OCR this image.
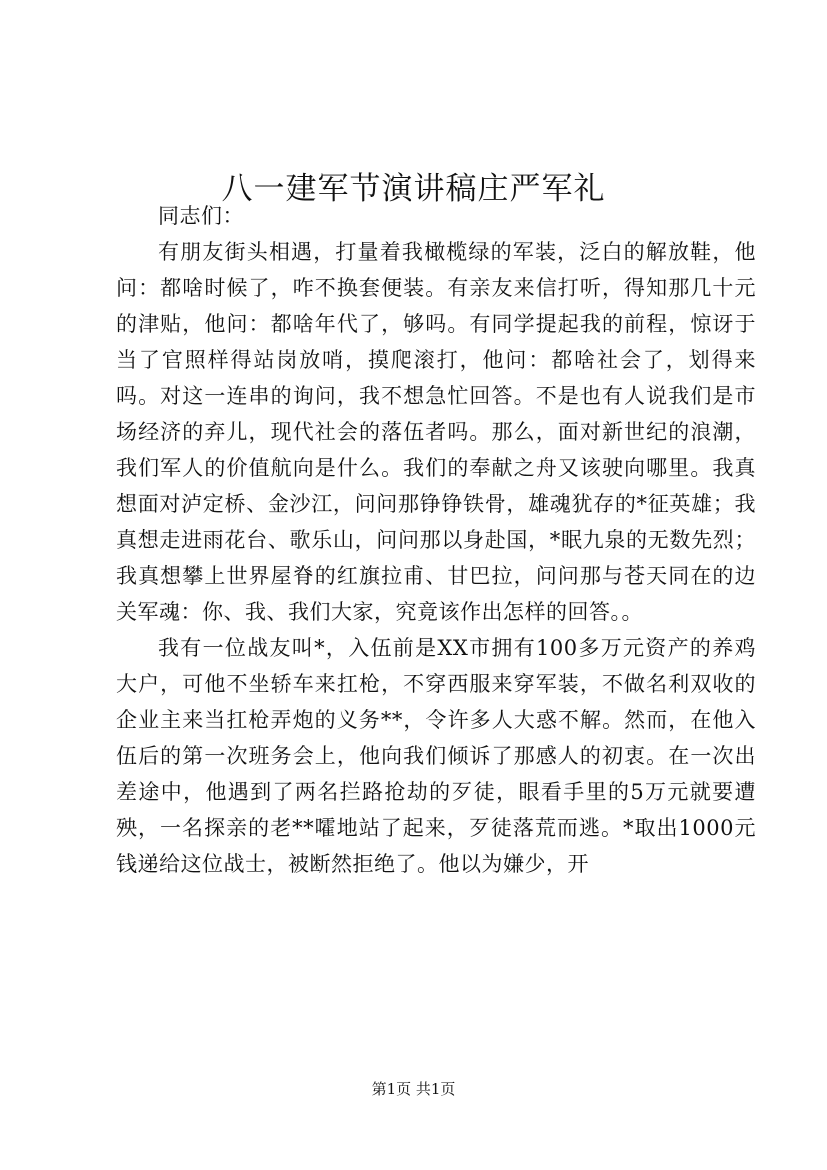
八一建军节演讲稿庄严军礼

同志们：

有朋友街头相遇，打量着我橄榄绿的军装，泛白的解放鞋，他问：都啥时候了，咋不换套便装。有亲友来信打听，得知那几十元的津贴，他问：都啥年代了，够吗。有同学提起我的前程，惊讶于当了官照样得站岗放哨，摸爬滚打，他问：都啥社会了，划得来吗。对这一连串的询问，我不想急忙回答。不是也有人说我们是市场经济的弃儿，现代社会的落伍者吗。那么，面对新世纪的浪潮，我们军人的价值航向是什么。我们的奉献之舟又该驶向哪里。我真想面对泸定桥、金沙江，问问那铮铮铁骨，雄魂犹存的*征英雄；我真想走进雨花台、歌乐山，问问那以身赴国，*眠九泉的无数先烈；我真想攀上世界屋脊的红旗拉甫、甘巴拉，问问那与苍天同在的边关军魂：你、我、我们大家，究竟该作出怎样的回答。。

我有一位战友叫*，入伍前是XX市拥有100多万元资产的养鸡大户，可他不坐轿车来扛枪，不穿西服来穿军装，不做名利双收的企业主来当扛枪弄炮的义务**，令许多人大惑不解。然而，在他入伍后的第一次班务会上，他向我们倾诉了那感人的初衷。在一次出差途中，他遇到了两名拦路抢劫的歹徒，眼看手里的5万元就要遭殃，一名探亲的老**嚯地站了起来，歹徒落荒而逃。*取出1000元钱递给这位战士，被断然拒绝了。他以为嫌少，开

第1页 共1页
